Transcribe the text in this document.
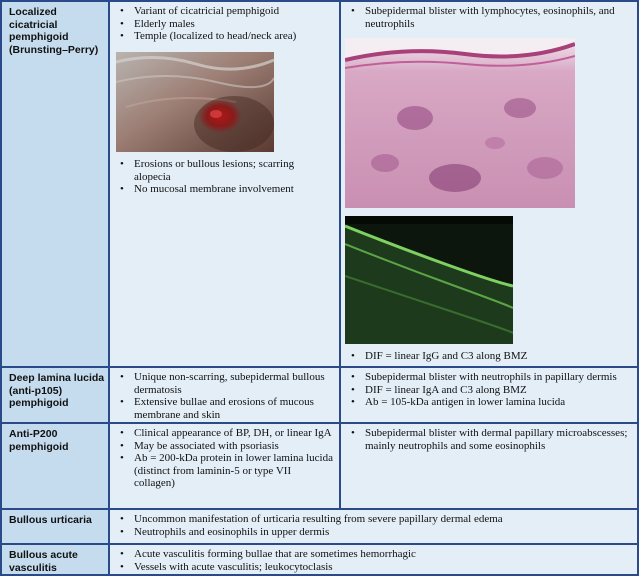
Localized cicatricial pemphigoid (Brunsting–Perry)
• Variant of cicatricial pemphigoid
• Elderly males
• Temple (localized to head/neck area)
• Erosions or bullous lesions; scarring alopecia
• No mucosal membrane involvement
• Subepidermal blister with lymphocytes, eosinophils, and neutrophils
• DIF = linear IgG and C3 along BMZ
Deep lamina lucida (anti-p105) pemphigoid
• Unique non-scarring, subepidermal bullous dermatosis
• Extensive bullae and erosions of mucous membrane and skin
• Subepidermal blister with neutrophils in papillary dermis
• DIF = linear IgA and C3 along BMZ
• Ab = 105-kDa antigen in lower lamina lucida
Anti-P200 pemphigoid
• Clinical appearance of BP, DH, or linear IgA
• May be associated with psoriasis
• Ab = 200-kDa protein in lower lamina lucida
(distinct from laminin-5 or type VII collagen)
• Subepidermal blister with dermal papillary microabscesses; mainly neutrophils and some eosinophils
Bullous urticaria
•	Uncommon manifestation of urticaria resulting from severe papillary dermal edema
• Neutrophils and eosinophils in upper dermis
Bullous acute vasculitis
• Acute vasculitis forming bullae that are sometimes hemorrhagic
• Vessels with acute vasculitis; leukocytoclasis
